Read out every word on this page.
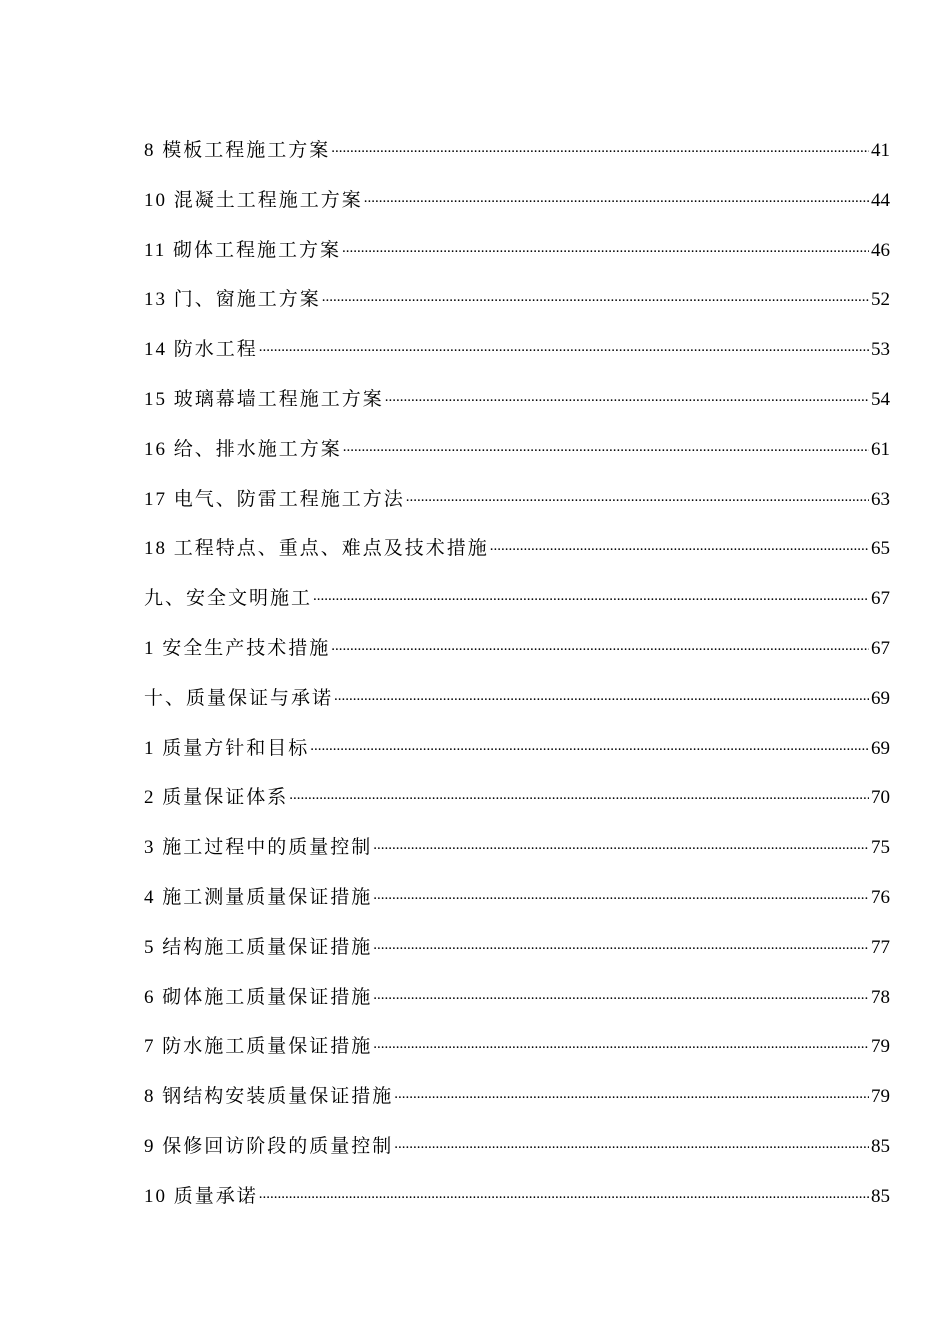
8 模板工程施工方案 .....	41
10 混凝土工程施工方案 .....	44
11 砌体工程施工方案 .....	46
13 门、窗施工方案 .....	52
14 防水工程 .....	53
15 玻璃幕墙工程施工方案 .....	54
16 给、排水施工方案 .....	61
17 电气、防雷工程施工方法 .....	63
18 工程特点、重点、难点及技术措施 .....	65
九、安全文明施工 .....	67
1 安全生产技术措施 .....	67
十、质量保证与承诺 .....	69
1 质量方针和目标 .....	69
2 质量保证体系 .....	70
3 施工过程中的质量控制 .....	75
4 施工测量质量保证措施 .....	76
5 结构施工质量保证措施 .....	77
6 砌体施工质量保证措施 .....	78
7 防水施工质量保证措施 .....	79
8 钢结构安装质量保证措施 .....	79
9 保修回访阶段的质量控制 .....	85
10 质量承诺 .....	85
